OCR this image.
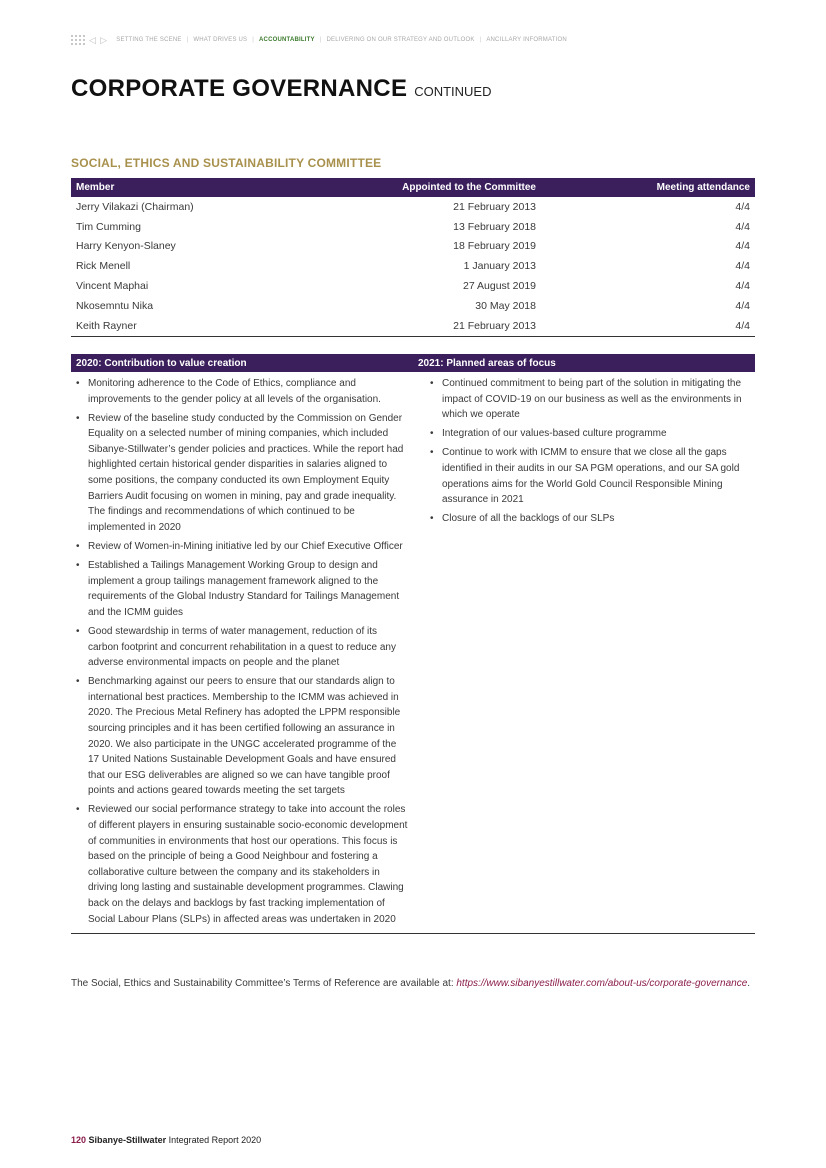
◁ ▷ SETTING THE SCENE | WHAT DRIVES US | ACCOUNTABILITY | DELIVERING ON OUR STRATEGY AND OUTLOOK | ANCILLARY INFORMATION
CORPORATE GOVERNANCE CONTINUED
SOCIAL, ETHICS AND SUSTAINABILITY COMMITTEE
Member	Appointed to the Committee	Meeting attendance
Jerry Vilakazi (Chairman)	21 February 2013	4/4
Tim Cumming	13 February 2018	4/4
Harry Kenyon-Slaney	18 February 2019	4/4
Rick Menell	1 January 2013	4/4
Vincent Maphai	27 August 2019	4/4
Nkosemntu Nika	30 May 2018	4/4
Keith Rayner	21 February 2013	4/4
2020: Contribution to value creation	2021: Planned areas of focus
• Monitoring adherence to the Code of Ethics, compliance and improvements to the gender policy at all levels of the organisation.
• Review of the baseline study conducted by the Commission on Gender Equality on a selected number of mining companies, which included Sibanye-Stillwater’s gender policies and practices. While the report had highlighted certain historical gender disparities in salaries aligned to some positions, the company conducted its own Employment Equity Barriers Audit focusing on women in mining, pay and grade inequality. The findings and recommendations of which continued to be implemented in 2020
• Review of Women-in-Mining initiative led by our Chief Executive Officer
• Established a Tailings Management Working Group to design and implement a group tailings management framework aligned to the requirements of the Global Industry Standard for Tailings Management and the ICMM guides
• Good stewardship in terms of water management, reduction of its carbon footprint and concurrent rehabilitation in a quest to reduce any adverse environmental impacts on people and the planet
• Benchmarking against our peers to ensure that our standards align to international best practices. Membership to the ICMM was achieved in 2020. The Precious Metal Refinery has adopted the LPPM responsible sourcing principles and it has been certified following an assurance in 2020. We also participate in the UNGC accelerated programme of the 17 United Nations Sustainable Development Goals and have ensured that our ESG deliverables are aligned so we can have tangible proof points and actions geared towards meeting the set targets
• Reviewed our social performance strategy to take into account the roles of different players in ensuring sustainable socio-economic development of communities in environments that host our operations. This focus is based on the principle of being a Good Neighbour and fostering a collaborative culture between the company and its stakeholders in driving long lasting and sustainable development programmes. Clawing back on the delays and backlogs by fast tracking implementation of Social Labour Plans (SLPs) in affected areas was undertaken in 2020
• Continued commitment to being part of the solution in mitigating the impact of COVID-19 on our business as well as the environments in which we operate
• Integration of our values-based culture programme
• Continue to work with ICMM to ensure that we close all the gaps identified in their audits in our SA PGM operations, and our SA gold operations aims for the World Gold Council Responsible Mining assurance in 2021
• Closure of all the backlogs of our SLPs
The Social, Ethics and Sustainability Committee’s Terms of Reference are available at: https://www.sibanyestillwater.com/about-us/corporate-governance.
120 Sibanye-Stillwater Integrated Report 2020
